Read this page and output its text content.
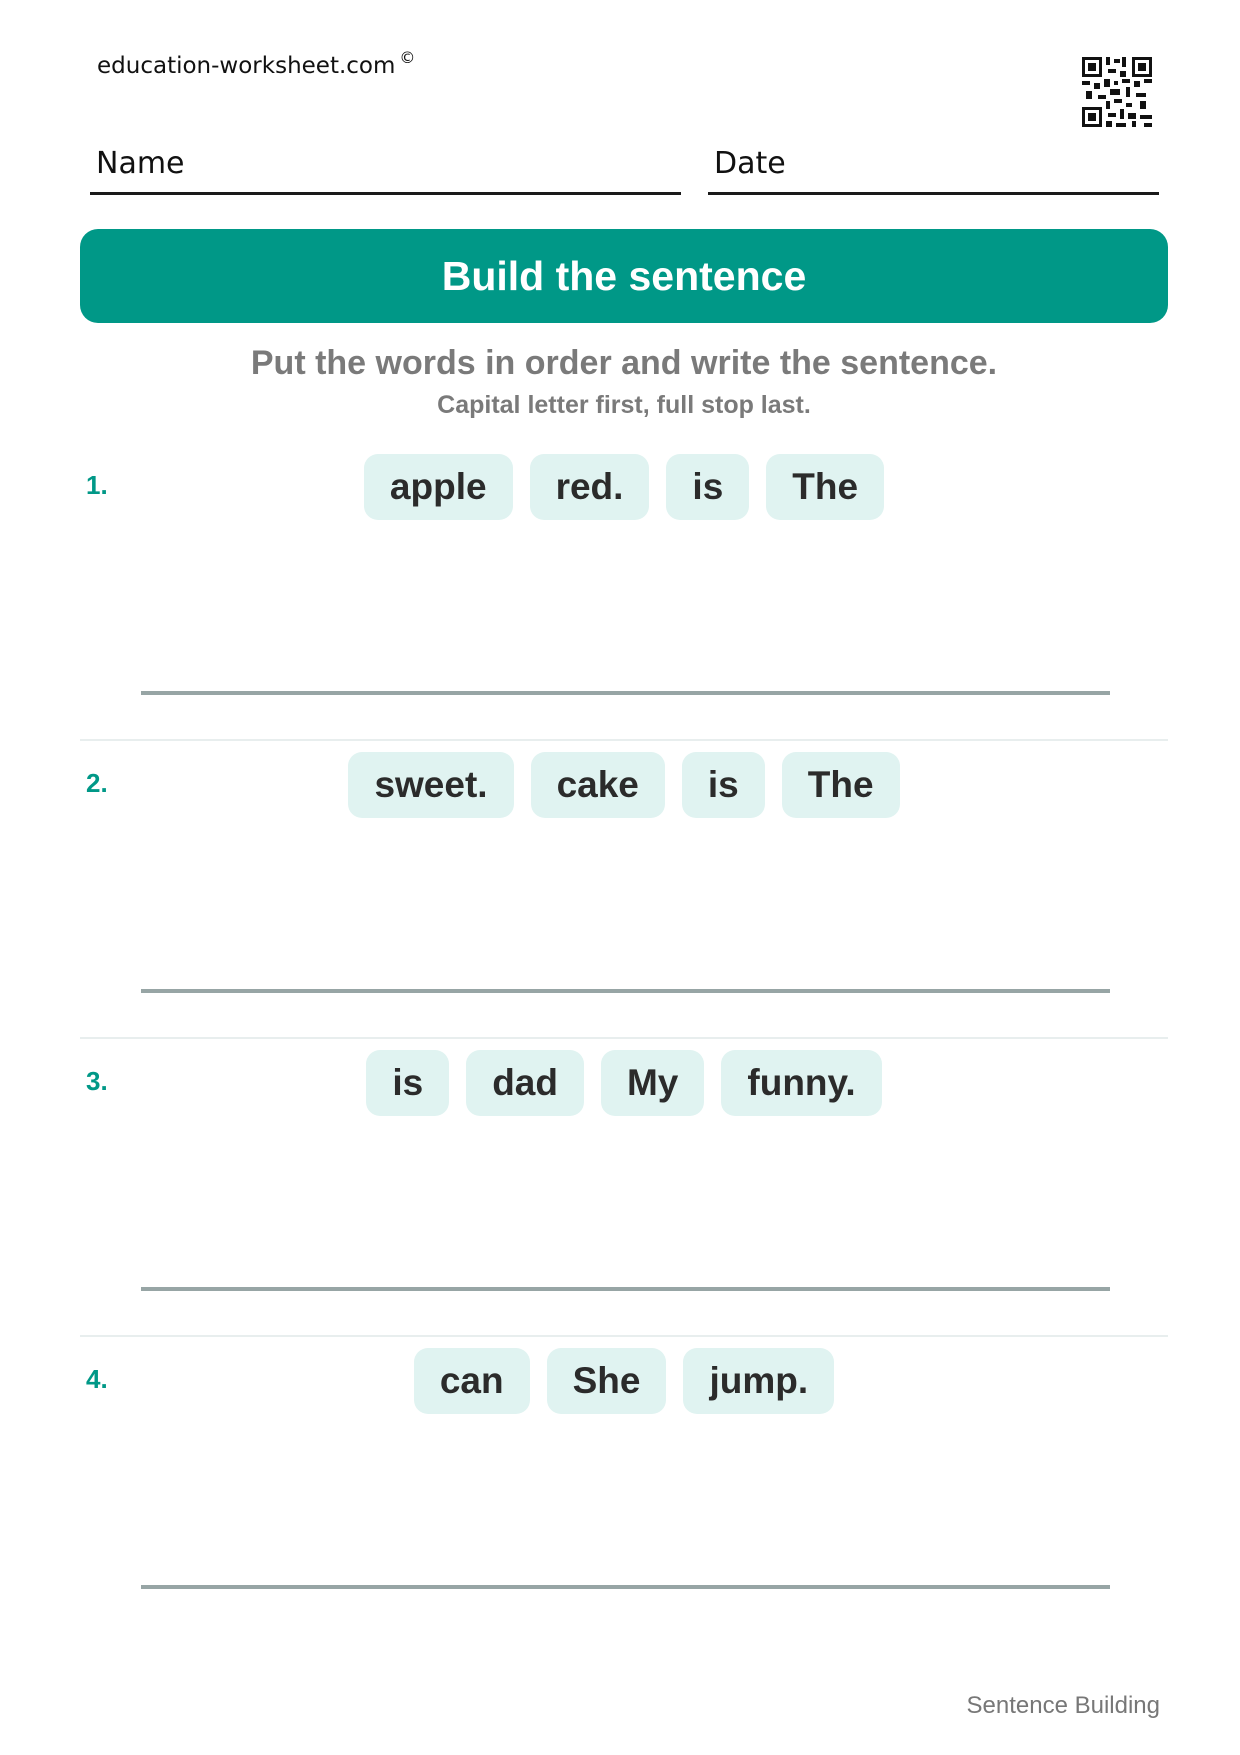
education-worksheet.com ©
Name	Date
Build the sentence
Put the words in order and write the sentence.
Capital letter first, full stop last.
1.	apple	red.	is	The
2.	sweet.	cake	is	The
3.	is	dad	My	funny.
4.	can	She	jump.
Sentence Building
